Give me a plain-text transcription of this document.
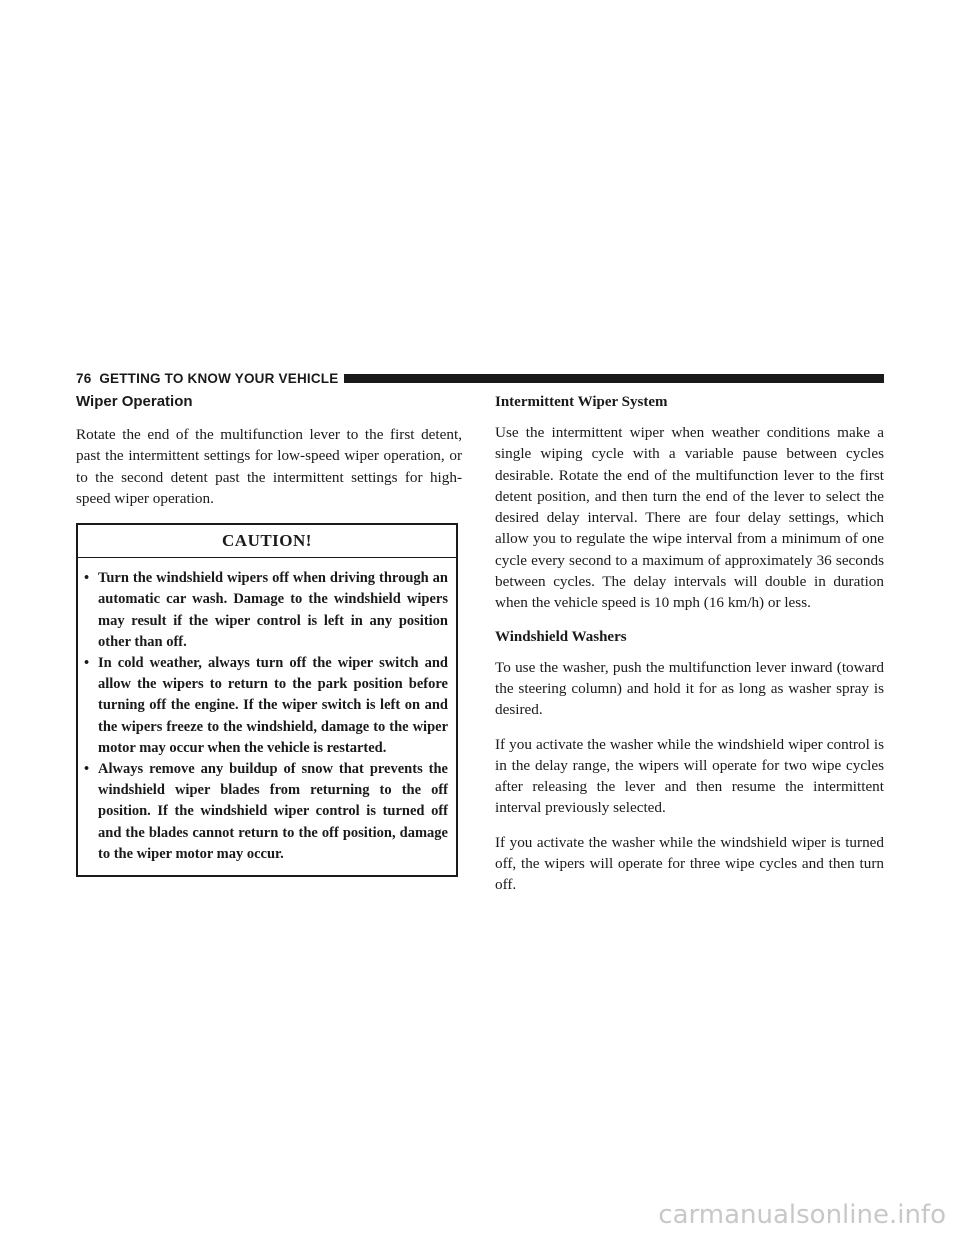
76 GETTING TO KNOW YOUR VEHICLE
Wiper Operation

Rotate the end of the multifunction lever to the first detent, past the intermittent settings for low-speed wiper operation, or to the second detent past the intermittent settings for high-speed wiper operation.

CAUTION!
• Turn the windshield wipers off when driving through an automatic car wash. Damage to the windshield wipers may result if the wiper control is left in any position other than off.
• In cold weather, always turn off the wiper switch and allow the wipers to return to the park position before turning off the engine. If the wiper switch is left on and the wipers freeze to the windshield, damage to the wiper motor may occur when the vehicle is restarted.
• Always remove any buildup of snow that prevents the windshield wiper blades from returning to the off position. If the windshield wiper control is turned off and the blades cannot return to the off position, damage to the wiper motor may occur.
Intermittent Wiper System

Use the intermittent wiper when weather conditions make a single wiping cycle with a variable pause between cycles desirable. Rotate the end of the multifunction lever to the first detent position, and then turn the end of the lever to select the desired delay interval. There are four delay settings, which allow you to regulate the wipe interval from a minimum of one cycle every second to a maximum of approximately 36 seconds between cycles. The delay intervals will double in duration when the vehicle speed is 10 mph (16 km/h) or less.

Windshield Washers

To use the washer, push the multifunction lever inward (toward the steering column) and hold it for as long as washer spray is desired.

If you activate the washer while the windshield wiper control is in the delay range, the wipers will operate for two wipe cycles after releasing the lever and then resume the intermittent interval previously selected.

If you activate the washer while the windshield wiper is turned off, the wipers will operate for three wipe cycles and then turn off.

carmanualsonline.info
